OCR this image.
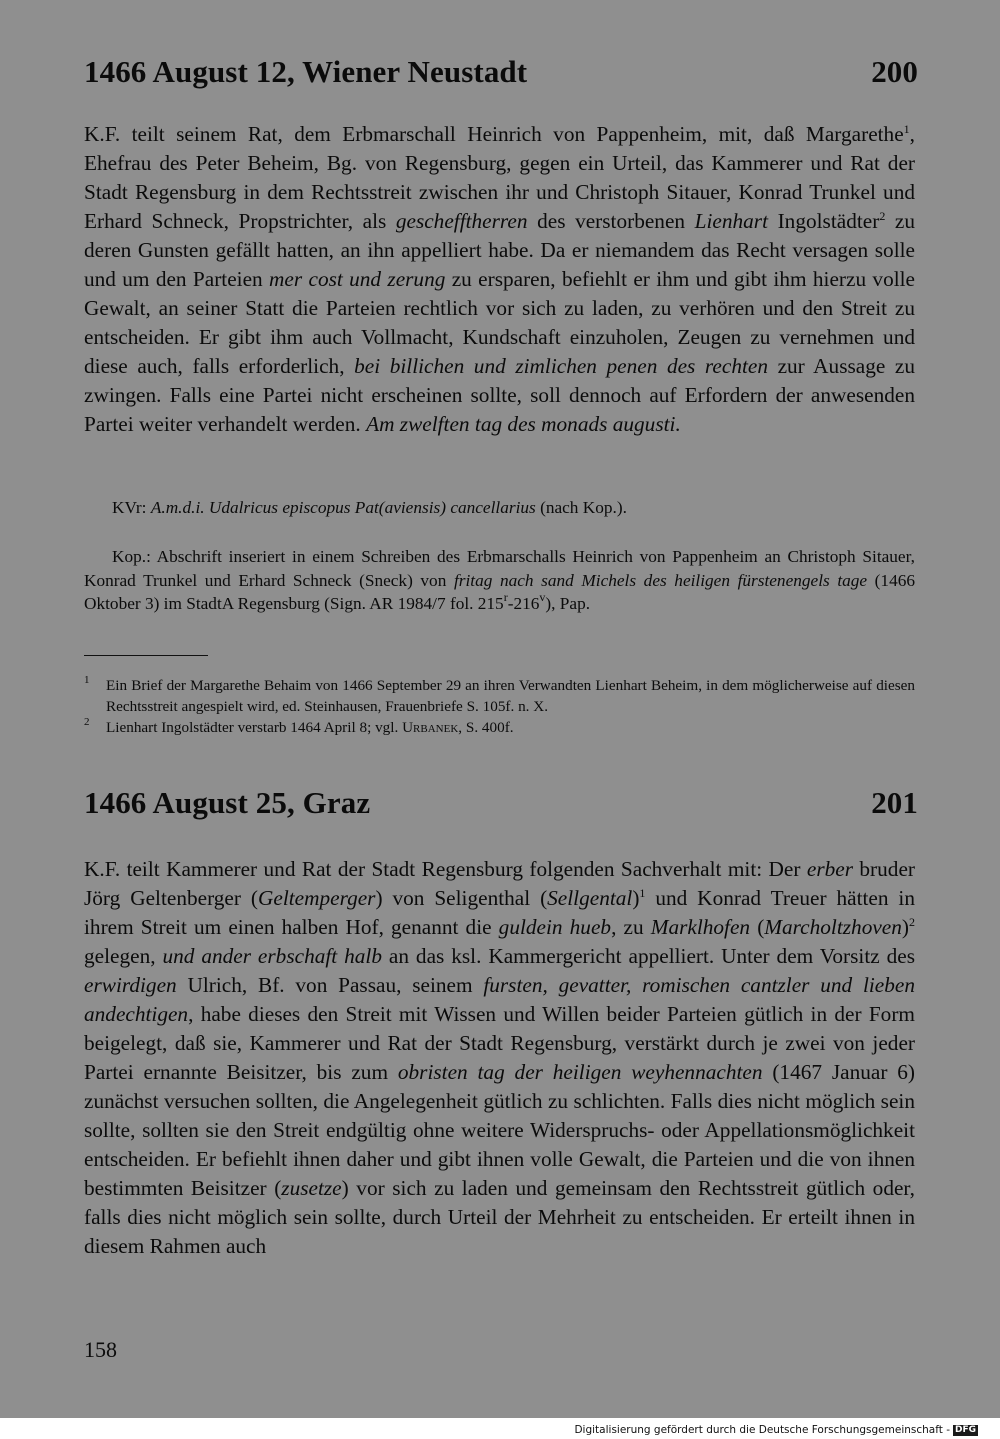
1466 August 12, Wiener Neustadt	200

K.F. teilt seinem Rat, dem Erbmarschall Heinrich von Pappenheim, mit, daß Margarethe$^1$, Ehefrau des Peter Beheim, Bg. von Regensburg, gegen ein Urteil, das Kammerer und Rat der Stadt Regensburg in dem Rechtsstreit zwischen ihr und Christoph Sitauer, Konrad Trunkel und Erhard Schneck, Propstrichter, als geschefftherren des verstorbenen Lienhart Ingolstädter$^2$ zu deren Gunsten gefällt hatten, an ihn appelliert habe. Da er niemandem das Recht versagen solle und um den Parteien mer cost und zerung zu ersparen, befiehlt er ihm und gibt ihm hierzu volle Gewalt, an seiner Statt die Parteien rechtlich vor sich zu laden, zu verhören und den Streit zu entscheiden. Er gibt ihm auch Vollmacht, Kundschaft einzuholen, Zeugen zu vernehmen und diese auch, falls erforderlich, bei billichen und zimlichen penen des rechten zur Aussage zu zwingen. Falls eine Partei nicht erscheinen sollte, soll dennoch auf Erfordern der anwesenden Partei weiter verhandelt werden. Am zwelften tag des monads augusti.

KVr: A.m.d.i. Udalricus episcopus Pat(aviensis) cancellarius (nach Kop.).

Kop.: Abschrift inseriert in einem Schreiben des Erbmarschalls Heinrich von Pappenheim an Christoph Sitauer, Konrad Trunkel und Erhard Schneck (Sneck) von fritag nach sand Michels des heiligen fürstenengels tage (1466 Oktober 3) im StadtA Regensburg (Sign. AR 1984/7 fol. 215$^r$-216$^v$), Pap.

1 Ein Brief der Margarethe Behaim von 1466 September 29 an ihren Verwandten Lienhart Beheim, in dem möglicherweise auf diesen Rechtsstreit angespielt wird, ed. Steinhausen, Frauenbriefe S. 105f. n. X.
2 Lienhart Ingolstädter verstarb 1464 April 8; vgl. Urbanek, S. 400f.
1466 August 25, Graz	201

K.F. teilt Kammerer und Rat der Stadt Regensburg folgenden Sachverhalt mit: Der erber bruder Jörg Geltenberger (Geltemperger) von Seligenthal (Sellgental)$^1$ und Konrad Treuer hätten in ihrem Streit um einen halben Hof, genannt die guldein hueb, zu Marklhofen (Marcholtzhoven)$^2$ gelegen, und ander erbschaft halb an das ksl. Kammergericht appelliert. Unter dem Vorsitz des erwirdigen Ulrich, Bf. von Passau, seinem fursten, gevatter, romischen cantzler und lieben andechtigen, habe dieses den Streit mit Wissen und Willen beider Parteien gütlich in der Form beigelegt, daß sie, Kammerer und Rat der Stadt Regensburg, verstärkt durch je zwei von jeder Partei ernannte Beisitzer, bis zum obristen tag der heiligen weyhennachten (1467 Januar 6) zunächst versuchen sollten, die Angelegenheit gütlich zu schlichten. Falls dies nicht möglich sein sollte, sollten sie den Streit endgültig ohne weitere Widerspruchs- oder Appellationsmöglichkeit entscheiden. Er befiehlt ihnen daher und gibt ihnen volle Gewalt, die Parteien und die von ihnen bestimmten Beisitzer (zusetze) vor sich zu laden und gemeinsam den Rechtsstreit gütlich oder, falls dies nicht möglich sein sollte, durch Urteil der Mehrheit zu entscheiden. Er erteilt ihnen in diesem Rahmen auch

158
Digitalisierung gefördert durch die Deutsche Forschungsgemeinschaft - DFG
